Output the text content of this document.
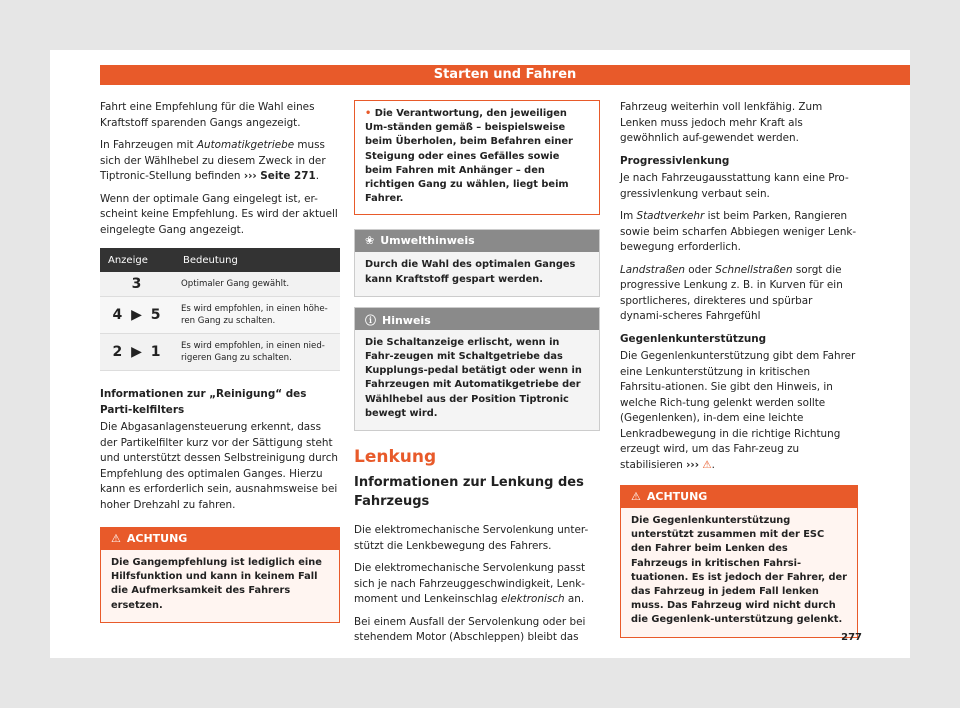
Starten und Fahren

Fahrt eine Empfehlung für die Wahl eines Kraftstoff sparenden Gangs angezeigt.

In Fahrzeugen mit Automatikgetriebe muss sich der Wählhebel zu diesem Zweck in der Tiptronic-Stellung befinden ››› Seite 271.

Wenn der optimale Gang eingelegt ist, er-scheint keine Empfehlung. Es wird der aktuell eingelegte Gang angezeigt.

Anzeige	Bedeutung
3	Optimaler Gang gewählt.
4 ▶ 5	Es wird empfohlen, in einen höhe-ren Gang zu schalten.
2 ▶ 1	Es wird empfohlen, in einen nied-rigeren Gang zu schalten.

Informationen zur „Reinigung“ des Parti-kelfilters

Die Abgasanlagensteuerung erkennt, dass der Partikelfilter kurz vor der Sättigung steht und unterstützt dessen Selbstreinigung durch Empfehlung des optimalen Ganges. Hierzu kann es erforderlich sein, ausnahmsweise bei hoher Drehzahl zu fahren.

⚠ ACHTUNG
Die Gangempfehlung ist lediglich eine Hilfsfunktion und kann in keinem Fall die Aufmerksamkeit des Fahrers ersetzen.
• Die Verantwortung, den jeweiligen Um-ständen gemäß – beispielsweise beim Überholen, beim Befahren einer Steigung oder eines Gefälles sowie beim Fahren mit Anhänger – den richtigen Gang zu wählen, liegt beim Fahrer.
❀ Umwelthinweis
Durch die Wahl des optimalen Ganges kann Kraftstoff gespart werden.
ⓘ Hinweis
Die Schaltanzeige erlischt, wenn in Fahr-zeugen mit Schaltgetriebe das Kupplungs-pedal betätigt oder wenn in Fahrzeugen mit Automatikgetriebe der Wählhebel aus der Position Tiptronic bewegt wird.
Lenkung
Informationen zur Lenkung des Fahrzeugs

Die elektromechanische Servolenkung unter-stützt die Lenkbewegung des Fahrers.

Die elektromechanische Servolenkung passt sich je nach Fahrzeuggeschwindigkeit, Lenk-moment und Lenkeinschlag elektronisch an.

Bei einem Ausfall der Servolenkung oder bei stehendem Motor (Abschleppen) bleibt das

Fahrzeug weiterhin voll lenkfähig. Zum Lenken muss jedoch mehr Kraft als gewöhnlich auf-gewendet werden.

Progressivlenkung

Je nach Fahrzeugausstattung kann eine Pro-gressivlenkung verbaut sein.

Im Stadtverkehr ist beim Parken, Rangieren sowie beim scharfen Abbiegen weniger Lenk-bewegung erforderlich.

Landstraßen oder Schnellstraßen sorgt die progressive Lenkung z. B. in Kurven für ein sportlicheres, direkteres und spürbar dynami-scheres Fahrgefühl

Gegenlenkunterstützung

Die Gegenlenkunterstützung gibt dem Fahrer eine Lenkunterstützung in kritischen Fahrsitu-ationen. Sie gibt den Hinweis, in welche Rich-tung gelenkt werden sollte (Gegenlenken), in-dem eine leichte Lenkradbewegung in die richtige Richtung erzeugt wird, um das Fahr-zeug zu stabilisieren ››› ⚠.

⚠ ACHTUNG
Die Gegenlenkunterstützung unterstützt zusammen mit der ESC den Fahrer beim Lenken des Fahrzeugs in kritischen Fahrsi-tuationen. Es ist jedoch der Fahrer, der das Fahrzeug in jedem Fall lenken muss. Das Fahrzeug wird nicht durch die Gegenlenk-unterstützung gelenkt.
277
